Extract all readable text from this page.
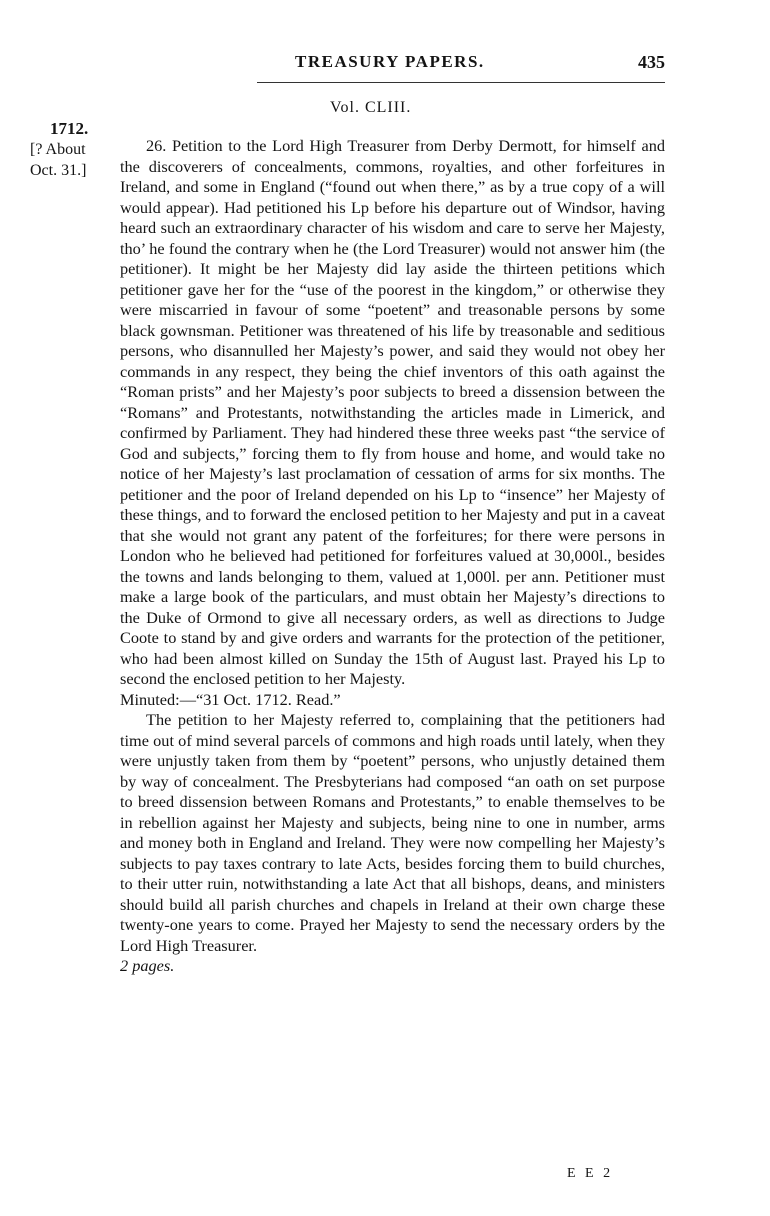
TREASURY PAPERS.	435
Vol. CLIII.
1712.
[? About
Oct. 31.]

26. Petition to the Lord High Treasurer from Derby Dermott, for himself and the discoverers of concealments, commons, royalties, and other forfeitures in Ireland, and some in England (“found out when there,” as by a true copy of a will would appear). Had petitioned his Lp before his departure out of Windsor, having heard such an extraordinary character of his wisdom and care to serve her Majesty, tho’ he found the contrary when he (the Lord Treasurer) would not answer him (the petitioner). It might be her Majesty did lay aside the thirteen petitions which petitioner gave her for the “use of the poorest in the kingdom,” or otherwise they were miscarried in favour of some “poetent” and treasonable persons by some black gownsman. Petitioner was threatened of his life by treasonable and seditious persons, who disannulled her Majesty’s power, and said they would not obey her commands in any respect, they being the chief inventors of this oath against the “Roman prists” and her Majesty’s poor subjects to breed a dissension between the “Romans” and Protestants, notwithstanding the articles made in Limerick, and confirmed by Parliament. They had hindered these three weeks past “the service of God and subjects,” forcing them to fly from house and home, and would take no notice of her Majesty’s last proclamation of cessation of arms for six months. The petitioner and the poor of Ireland depended on his Lp to “insence” her Majesty of these things, and to forward the enclosed petition to her Majesty and put in a caveat that she would not grant any patent of the forfeitures; for there were persons in London who he believed had petitioned for forfeitures valued at 30,000l., besides the towns and lands belonging to them, valued at 1,000l. per ann. Petitioner must make a large book of the particulars, and must obtain her Majesty’s directions to the Duke of Ormond to give all necessary orders, as well as directions to Judge Coote to stand by and give orders and warrants for the protection of the petitioner, who had been almost killed on Sunday the 15th of August last. Prayed his Lp to second the enclosed petition to her Majesty.

Minuted:—“31 Oct. 1712. Read.”

The petition to her Majesty referred to, complaining that the petitioners had time out of mind several parcels of commons and high roads until lately, when they were unjustly taken from them by “poetent” persons, who unjustly detained them by way of concealment. The Presbyterians had composed “an oath on set purpose to breed dissension between Romans and Protestants,” to enable themselves to be in rebellion against her Majesty and subjects, being nine to one in number, arms and money both in England and Ireland. They were now compelling her Majesty’s subjects to pay taxes contrary to late Acts, besides forcing them to build churches, to their utter ruin, notwithstanding a late Act that all bishops, deans, and ministers should build all parish churches and chapels in Ireland at their own charge these twenty-one years to come. Prayed her Majesty to send the necessary orders by the Lord High Treasurer.

2 pages.

E E 2
